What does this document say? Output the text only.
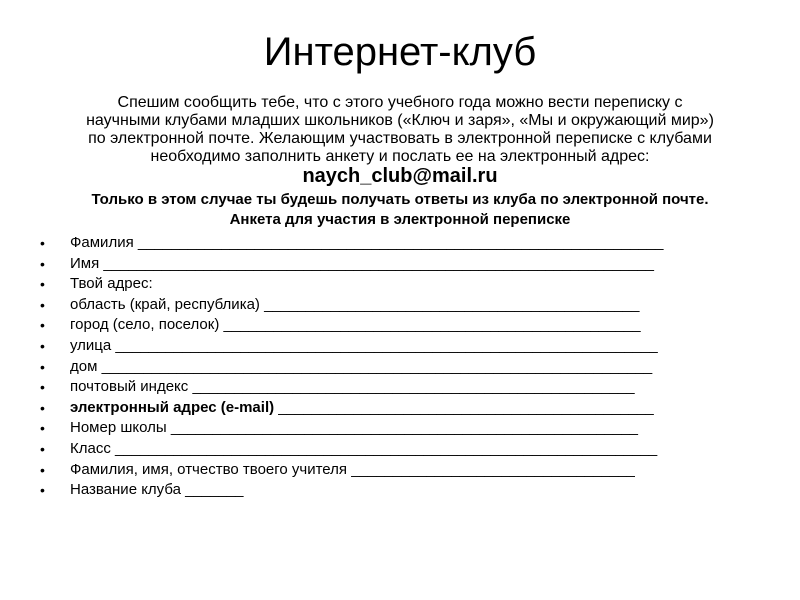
Интернет-клуб
Спешим сообщить тебе, что с этого учебного года можно вести переписку с
научными клубами младших школьников («Ключ и заря», «Мы и окружающий мир»)
по электронной почте. Желающим участвовать в электронной переписке с клубами
необходимо заполнить анкету и послать ее на электронный адрес:
naych_club@mail.ru
Только в этом случае ты будешь получать ответы из клуба по электронной почте.
Анкета для участия в электронной переписке
• Фамилия _______________________________________________________________
• Имя __________________________________________________________________
• Твой адрес:
• область (край, республика) _____________________________________________
• город (село, поселок) __________________________________________________
• улица _________________________________________________________________
• дом __________________________________________________________________
• почтовый индекс _____________________________________________________
• электронный адрес (e-mail) _____________________________________________
• Номер школы ________________________________________________________
• Класс _________________________________________________________________
• Фамилия, имя, отчество твоего учителя __________________________________
• Название клуба _______
